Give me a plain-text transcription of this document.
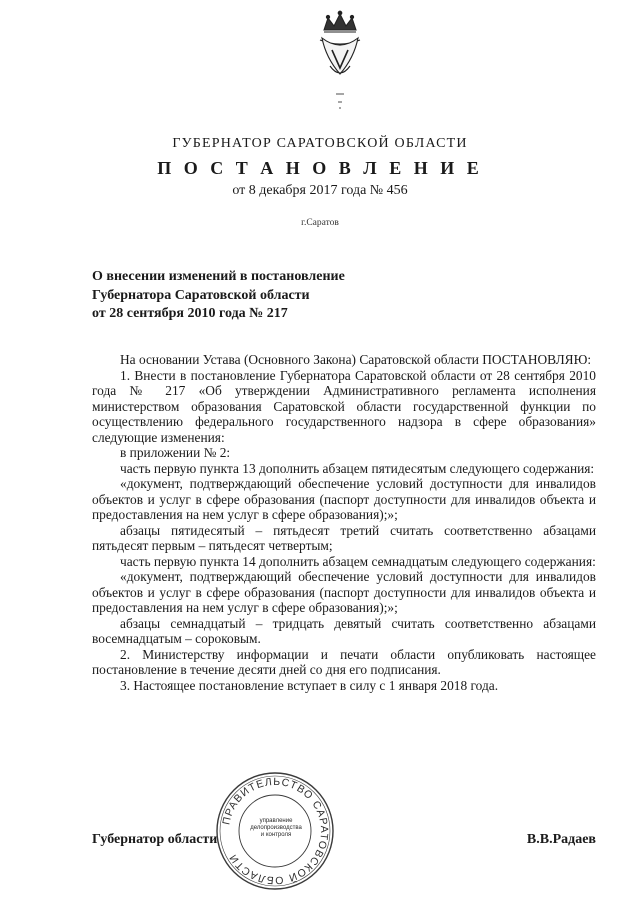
ГУБЕРНАТОР САРАТОВСКОЙ ОБЛАСТИ
П О С Т А Н О В Л Е Н И Е
от 8 декабря 2017 года № 456
г.Саратов
О внесении изменений в постановление
Губернатора Саратовской области
от 28 сентября 2010 года № 217

На основании Устава (Основного Закона) Саратовской области ПОСТАНОВЛЯЮ:

1. Внести в постановление Губернатора Саратовской области от 28 сентября 2010 года № 217 «Об утверждении Административного регламента исполнения министерством образования Саратовской области государственной функции по осуществлению федерального государственного надзора в сфере образования» следующие изменения:

в приложении № 2:

часть первую пункта 13 дополнить абзацем пятидесятым следующего содержания:

«документ, подтверждающий обеспечение условий доступности для инвалидов объектов и услуг в сфере образования (паспорт доступности для инвалидов объекта и предоставления на нем услуг в сфере образования);»;

абзацы пятидесятый – пятьдесят третий считать соответственно абзацами пятьдесят первым – пятьдесят четвертым;

часть первую пункта 14 дополнить абзацем семнадцатым следующего содержания:

«документ, подтверждающий обеспечение условий доступности для инвалидов объектов и услуг в сфере образования (паспорт доступности для инвалидов объекта и предоставления на нем услуг в сфере образования);»;

абзацы семнадцатый – тридцать девятый считать соответственно абзацами восемнадцатым – сороковым.

2. Министерству информации и печати области опубликовать настоящее постановление в течение десяти дней со дня его подписания.

3. Настоящее постановление вступает в силу с 1 января 2018 года.

Губернатор области	В.В.Радаев
ПРАВИТЕЛЬСТВО САРАТОВСКОЙ ОБЛАСТИ
управление
делопроизводства
и контроля
